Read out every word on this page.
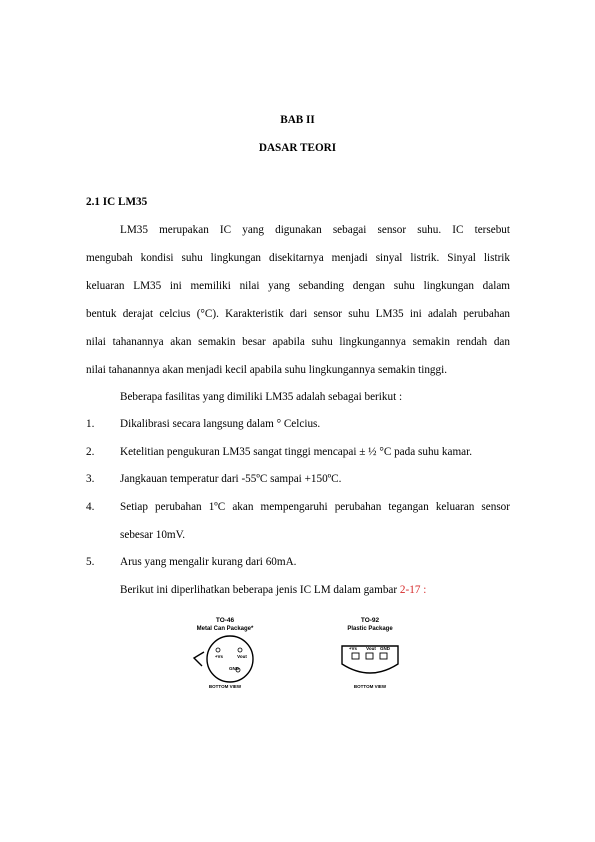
BAB II
DASAR TEORI
2.1 IC LM35
LM35 merupakan IC yang digunakan sebagai sensor suhu. IC tersebut
mengubah kondisi suhu lingkungan disekitarnya menjadi sinyal listrik. Sinyal listrik
keluaran LM35 ini memiliki nilai yang sebanding dengan suhu lingkungan dalam
bentuk derajat celcius (°C). Karakteristik dari sensor suhu LM35 ini adalah perubahan
nilai tahanannya akan semakin besar apabila suhu lingkungannya semakin rendah dan
nilai tahanannya akan menjadi kecil apabila suhu lingkungannya semakin tinggi.
Beberapa fasilitas yang dimiliki LM35 adalah sebagai berikut :
1. Dikalibrasi secara langsung dalam ° Celcius.
2. Ketelitian pengukuran LM35 sangat tinggi mencapai ± ½ °C pada suhu kamar.
3. Jangkauan temperatur dari -55ºC sampai +150ºC.
4. Setiap perubahan 1ºC akan mempengaruhi perubahan tegangan keluaran sensor
sebesar 10mV.
5. Arus yang mengalir kurang dari 60mA.
Berikut ini diperlihatkan beberapa jenis IC LM dalam gambar 2-17 :
TO-46
Metal Can Package*
+Vs	Vout
GND
BOTTOM VIEW
TO-92
Plastic Package
+Vs	Vout GND
BOTTOM VIEW
